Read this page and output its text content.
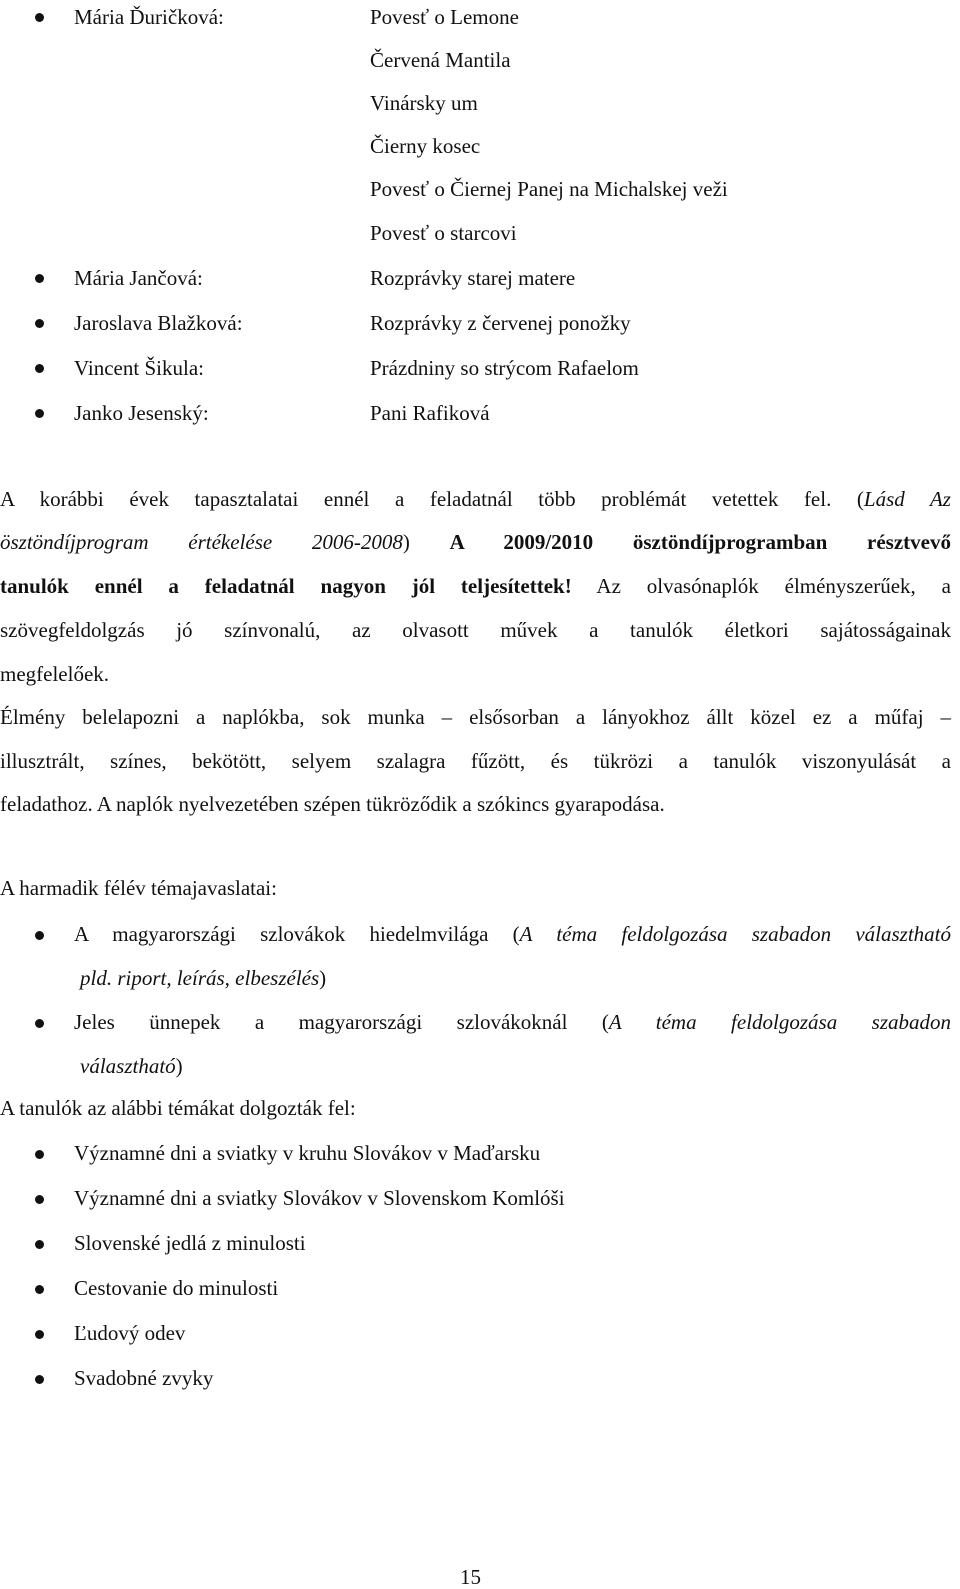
Mária Ďuričková:	Povesť o Lemone
Červená Mantila
Vinársky um
Čierny kosec
Povesť o Čiernej Panej na Michalskej veži
Povesť o starcovi
Mária Jančová:	Rozprávky starej matere
Jaroslava Blažková:	Rozprávky z červenej ponožky
Vincent Šikula:	Prázdniny so strýcom Rafaelom
Janko Jesenský:	Pani Rafiková
A korábbi évek tapasztalatai ennél a feladatnál több problémát vetettek fel. (Lásd Az
ösztöndíjprogram értékelése 2006-2008) A 2009/2010 ösztöndíjprogramban résztvevő
tanulók ennél a feladatnál nagyon jól teljesítettek! Az olvasónaplók élményszerűek, a
szövegfeldolgzás jó színvonalú, az olvasott művek a tanulók életkori sajátosságainak
megfelelőek.
Élmény belelapozni a naplókba, sok munka – elsősorban a lányokhoz állt közel ez a műfaj –
illusztrált, színes, bekötött, selyem szalagra fűzött, és tükrözi a tanulók viszonyulását a
feladathoz. A naplók nyelvezetében szépen tükröződik a szókincs gyarapodása.
A harmadik félév témajavaslatai:
A magyarországi szlovákok hiedelmvilága (A téma feldolgozása szabadon választható
pld. riport, leírás, elbeszélés)
Jeles ünnepek a magyarországi szlovákoknál (A téma feldolgozása szabadon
választható)
A tanulók az alábbi témákat dolgozták fel:
Významné dni a sviatky v kruhu Slovákov v Maďarsku
Významné dni a sviatky Slovákov v Slovenskom Komlóši
Slovenské jedlá z minulosti
Cestovanie do minulosti
Ľudový odev
Svadobné zvyky
15
